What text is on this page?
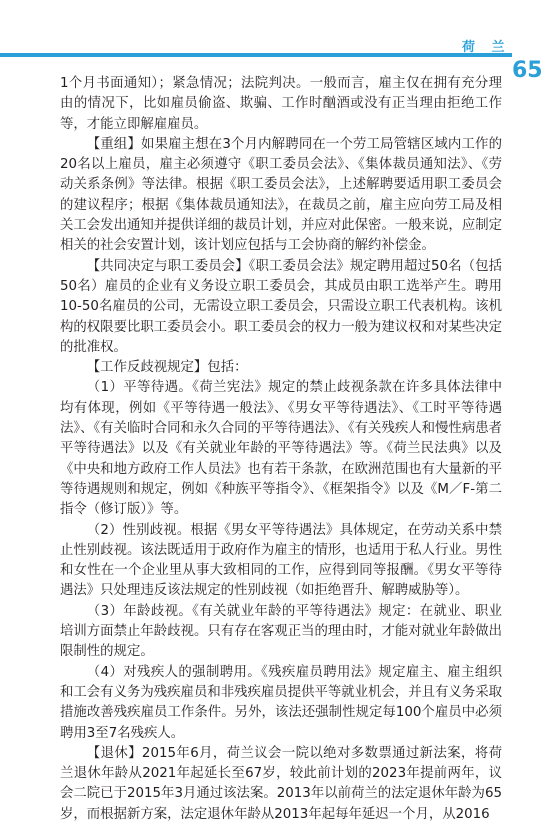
荷 兰
65

1个月书面通知）；紧急情况；法院判决。一般而言，雇主仅在拥有充分理由的情况下，比如雇员偷盗、欺骗、工作时酗酒或没有正当理由拒绝工作等，才能立即解雇雇员。

【重组】如果雇主想在3个月内解聘同在一个劳工局管辖区域内工作的20名以上雇员，雇主必须遵守《职工委员会法》、《集体裁员通知法》、《劳动关系条例》等法律。根据《职工委员会法》，上述解聘要适用职工委员会的建议程序；根据《集体裁员通知法》，在裁员之前，雇主应向劳工局及相关工会发出通知并提供详细的裁员计划，并应对此保密。一般来说，应制定相关的社会安置计划，该计划应包括与工会协商的解约补偿金。

【共同决定与职工委员会】《职工委员会法》规定聘用超过50名（包括50名）雇员的企业有义务设立职工委员会，其成员由职工选举产生。聘用10-50名雇员的公司，无需设立职工委员会，只需设立职工代表机构。该机构的权限要比职工委员会小。职工委员会的权力一般为建议权和对某些决定的批准权。

【工作反歧视规定】包括：

（1）平等待遇。《荷兰宪法》规定的禁止歧视条款在许多具体法律中均有体现，例如《平等待遇一般法》、《男女平等待遇法》、《工时平等待遇法》、《有关临时合同和永久合同的平等待遇法》、《有关残疾人和慢性病患者平等待遇法》以及《有关就业年龄的平等待遇法》等。《荷兰民法典》以及《中央和地方政府工作人员法》也有若干条款，在欧洲范围也有大量新的平等待遇规则和规定，例如《种族平等指令》、《框架指令》以及《M／F-第二指令（修订版）》等。

（2）性别歧视。根据《男女平等待遇法》具体规定，在劳动关系中禁止性别歧视。该法既适用于政府作为雇主的情形，也适用于私人行业。男性和女性在一个企业里从事大致相同的工作，应得到同等报酬。《男女平等待遇法》只处理违反该法规定的性别歧视（如拒绝晋升、解聘威胁等）。

（3）年龄歧视。《有关就业年龄的平等待遇法》规定：在就业、职业培训方面禁止年龄歧视。只有存在客观正当的理由时，才能对就业年龄做出限制性的规定。

（4）对残疾人的强制聘用。《残疾雇员聘用法》规定雇主、雇主组织和工会有义务为残疾雇员和非残疾雇员提供平等就业机会，并且有义务采取措施改善残疾雇员工作条件。另外，该法还强制性规定每100个雇员中必须聘用3至7名残疾人。

【退休】2015年6月，荷兰议会一院以绝对多数票通过新法案，将荷兰退休年龄从2021年起延长至67岁，较此前计划的2023年提前两年，议会二院已于2015年3月通过该法案。2013年以前荷兰的法定退休年龄为65岁，而根据新方案，法定退休年龄从2013年起每年延迟一个月，从2016
